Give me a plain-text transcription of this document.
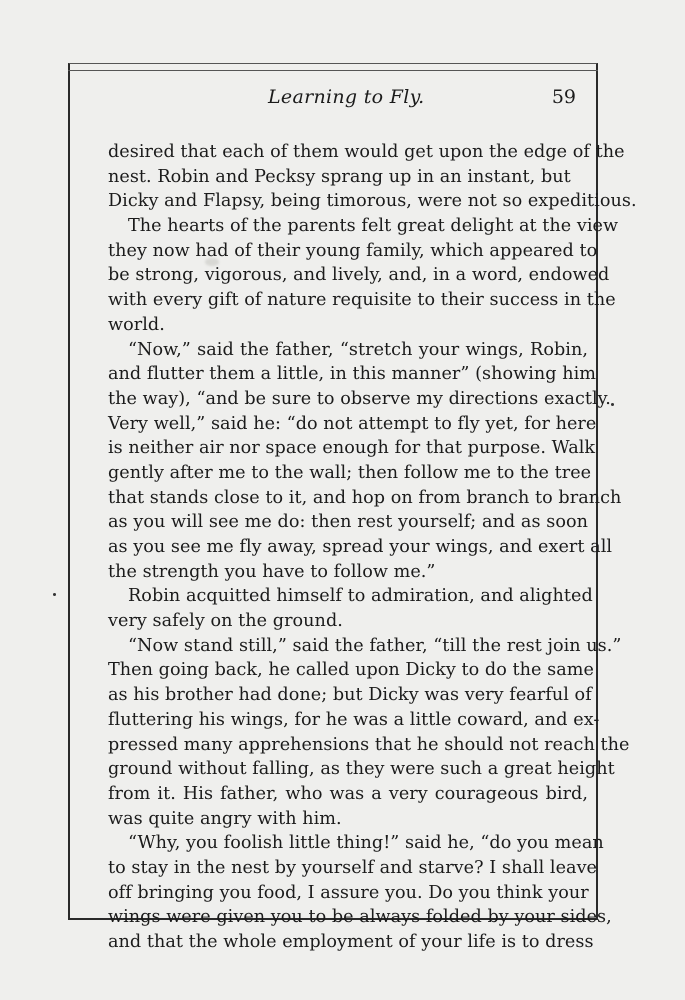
Learning to Fly.	59
desired that each of them would get upon the edge of the
nest. Robin and Pecksy sprang up in an instant, but
Dicky and Flapsy, being timorous, were not so expeditious.
The hearts of the parents felt great delight at the view
they now had of their young family, which appeared to
be strong, vigorous, and lively, and, in a word, endowed
with every gift of nature requisite to their success in the
world.
“Now,” said the father, “stretch your wings, Robin,
and flutter them a little, in this manner” (showing him
the way), “and be sure to observe my directions exactly.
Very well,” said he: “do not attempt to fly yet, for here
is neither air nor space enough for that purpose. Walk
gently after me to the wall; then follow me to the tree
that stands close to it, and hop on from branch to branch
as you will see me do: then rest yourself; and as soon
as you see me fly away, spread your wings, and exert all
the strength you have to follow me.”
Robin acquitted himself to admiration, and alighted
very safely on the ground.
“Now stand still,” said the father, “till the rest join us.”
Then going back, he called upon Dicky to do the same
as his brother had done; but Dicky was very fearful of
fluttering his wings, for he was a little coward, and ex-
pressed many apprehensions that he should not reach the
ground without falling, as they were such a great height
from it. His father, who was a very courageous bird,
was quite angry with him.
“Why, you foolish little thing!” said he, “do you mean
to stay in the nest by yourself and starve? I shall leave
off bringing you food, I assure you. Do you think your
wings were given you to be always folded by your sides,
and that the whole employment of your life is to dress
